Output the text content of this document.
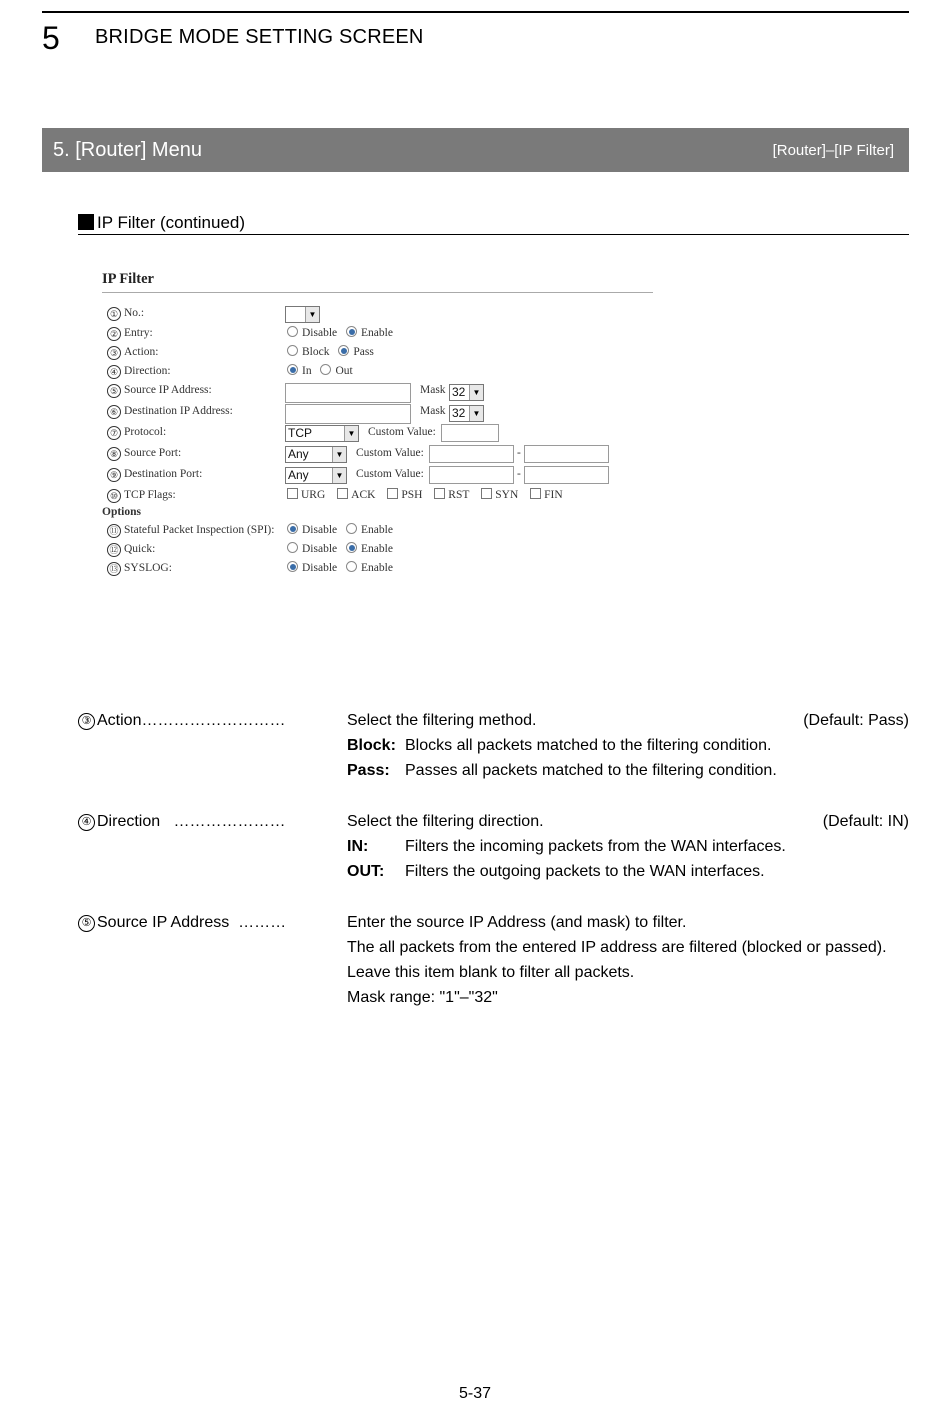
5 BRIDGE MODE SETTING SCREEN
5. [Router] Menu	[Router]–[IP Filter]
IP Filter (continued)
IP Filter
① No.:	▼
② Entry:	Disable Enable
③ Action:	Block Pass
④ Direction:	In Out
⑤ Source IP Address:	Mask 32 ▼
⑥ Destination IP Address:	Mask 32 ▼
⑦ Protocol:	TCP	▼ Custom Value:
⑧ Source Port:	Any	▼ Custom Value:	-
⑨ Destination Port:	Any	▼ Custom Value:	-
⑩ TCP Flags:	URG ACK PSH RST SYN FIN
Options
⑪ Stateful Packet Inspection (SPI):	Disable Enable
⑫ Quick:	Disable Enable
⑬ SYSLOG:	Disable Enable
③ Action………………………	Select the filtering method.	(Default: Pass)
Block: Blocks all packets matched to the filtering condition.
Pass: Passes all packets matched to the filtering condition.
④ Direction …………………	Select the filtering direction.	(Default: IN)
IN: Filters the incoming packets from the WAN interfaces.
OUT: Filters the outgoing packets to the WAN interfaces.
⑤ Source IP Address ………	Enter the source IP Address (and mask) to filter.
The all packets from the entered IP address are filtered (blocked or passed).
Leave this item blank to filter all packets.
Mask range: "1"–"32"
5-37
